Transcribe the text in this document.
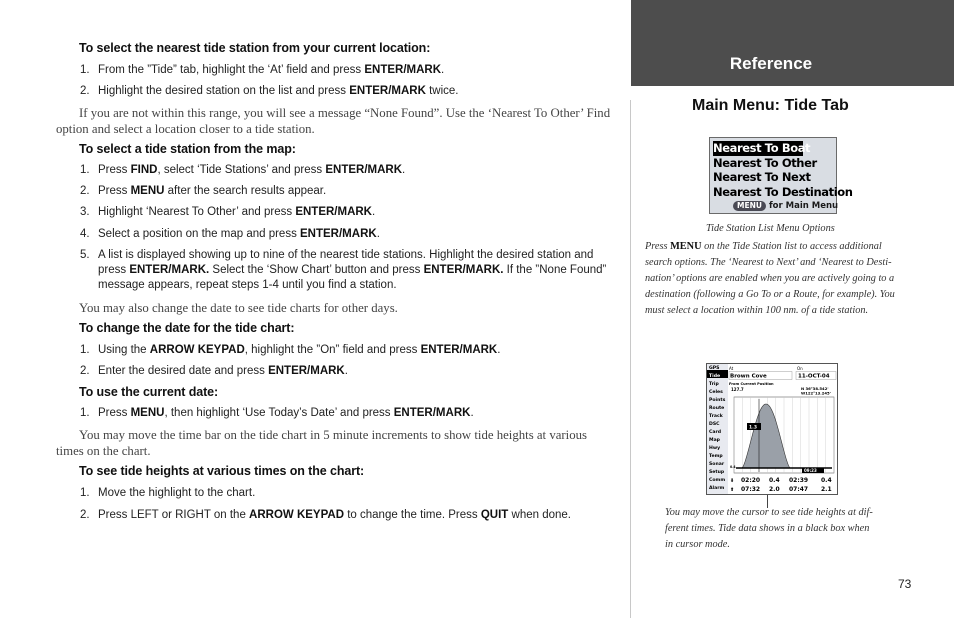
To select the nearest tide station from your current location:
1. From the ”Tide” tab, highlight the ‘At’ field and press ENTER/MARK.
2. Highlight the desired station on the list and press ENTER/MARK twice.
If you are not within this range, you will see a message “None Found”. Use the ‘Nearest To Other’ Find option and select a location closer to a tide station.
To select a tide station from the map:
1. Press FIND, select ‘Tide Stations’ and press ENTER/MARK.
2. Press MENU after the search results appear.
3. Highlight ‘Nearest To Other’ and press ENTER/MARK.
4. Select a position on the map and press ENTER/MARK.
5. A list is displayed showing up to nine of the nearest tide stations. Highlight the desired station and press ENTER/MARK. Select the ‘Show Chart’ button and press ENTER/MARK. If the ”None Found” message appears, repeat steps 1-4 until you find a station.
You may also change the date to see tide charts for other days.
To change the date for the tide chart:
1. Using the ARROW KEYPAD, highlight the ”On” field and press ENTER/MARK.
2. Enter the desired date and press ENTER/MARK.
To use the current date:
1. Press MENU, then highlight ‘Use Today’s Date’ and press ENTER/MARK.
You may move the time bar on the tide chart in 5 minute increments to show tide heights at various times on the chart.
To see tide heights at various times on the chart:
1. Move the highlight to the chart.
2. Press LEFT or RIGHT on the ARROW KEYPAD to change the time. Press QUIT when done.
Reference
Main Menu: Tide Tab
Nearest To Boat
Nearest To Other
Nearest To Next
Nearest To Destination
MENU for Main Menu
Tide Station List Menu Options
Press MENU on the Tide Station list to access additional
search options. The ‘Nearest to Next’ and ‘Nearest to Desti-
nation’ options are enabled when you are actively going to a
destination (following a Go To or a Route, for example). You
must select a location within 100 nm. of a tide station.
GPS
Tide
Trip
Celes
Points
Route
Track
DSC
Card
Map
Hwy
Temp
Sonar
Setup
Comm
Alarm
At
Brown Cove
On
11-OCT-04
From Current Position
127.7	N 36°38.542'
W122°13.245'
1.3
0.4
09:23
⬇ 02:20 0.4 02:39 0.4
⬆ 07:32 2.0 07:47 2.1
You may move the cursor to see tide heights at dif-
ferent times. Tide data shows in a black box when
in cursor mode.
73
